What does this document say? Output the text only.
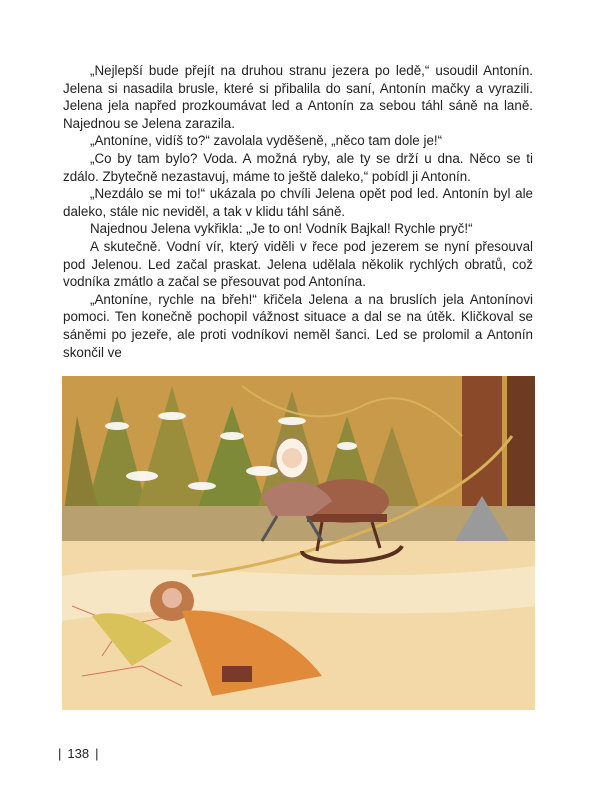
„Nejlepší bude přejít na druhou stranu jezera po ledě,“ usoudil Antonín. Jelena si nasadila brusle, které si přibalila do saní, Antonín mačky a vyrazili. Jelena jela napřed prozkoumávat led a Antonín za sebou táhl sáně na laně. Najednou se Jelena zarazila.

„Antoníne, vidíš to?“ zavolala vyděšeně, „něco tam dole je!“

„Co by tam bylo? Voda. A možná ryby, ale ty se drží u dna. Něco se ti zdálo. Zbytečně nezastavuj, máme to ještě daleko,“ pobídl ji Antonín.

„Nezdálo se mi to!“ ukázala po chvíli Jelena opět pod led. Antonín byl ale daleko, stále nic neviděl, a tak v klidu táhl sáně.

Najednou Jelena vykřikla: „Je to on! Vodník Bajkal! Rychle pryč!“

A skutečně. Vodní vír, který viděli v řece pod jezerem se nyní přesouval pod Jelenou. Led začal praskat. Jelena udělala několik rychlých obratů, což vodníka zmátlo a začal se přesouvat pod Antonína.

„Antoníne, rychle na břeh!“ křičela Jelena a na bruslích jela Antonínovi pomoci. Ten konečně pochopil vážnost situace a dal se na útěk. Kličkoval se sáněmi po jezeře, ale proti vodníkovi neměl šanci. Led se prolomil a Antonín skončil ve

| 138 |
